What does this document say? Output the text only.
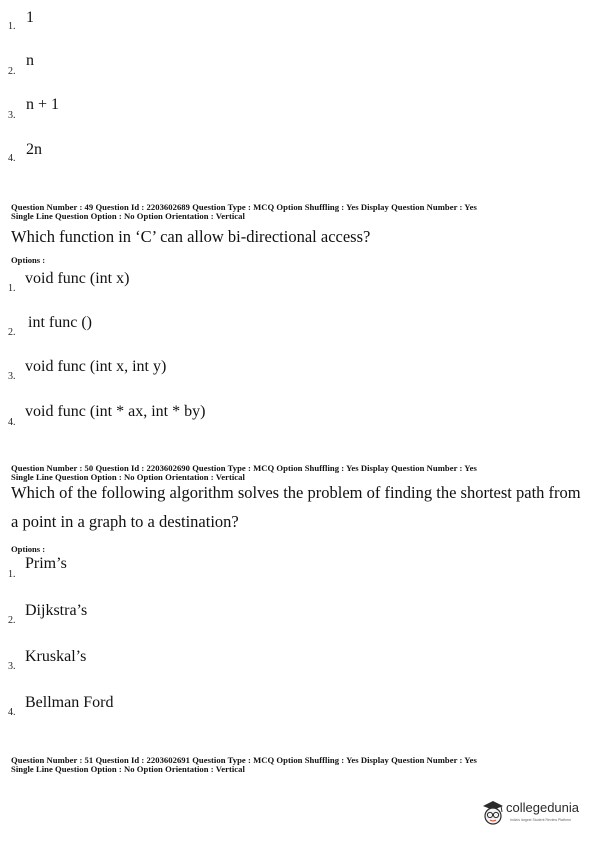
1.
1
2.
n
3.
n + 1
4.
2n
Question Number : 49 Question Id : 2203602689 Question Type : MCQ Option Shuffling : Yes Display Question Number : Yes
Single Line Question Option : No Option Orientation : Vertical
Which function in ‘C’ can allow bi-directional access?
Options :
1.
void func (int x)
2.
int func ()
3.
void func (int x, int y)
4.
void func (int * ax, int * by)
Question Number : 50 Question Id : 2203602690 Question Type : MCQ Option Shuffling : Yes Display Question Number : Yes
Single Line Question Option : No Option Orientation : Vertical
Which of the following algorithm solves the problem of finding the shortest path from
a point in a graph to a destination?
Options :
1.
Prim’s
2.
Dijkstra’s
3.
Kruskal’s
4.
Bellman Ford
Question Number : 51 Question Id : 2203602691 Question Type : MCQ Option Shuffling : Yes Display Question Number : Yes
Single Line Question Option : No Option Orientation : Vertical
collegedunia
India's largest Student Review Platform
